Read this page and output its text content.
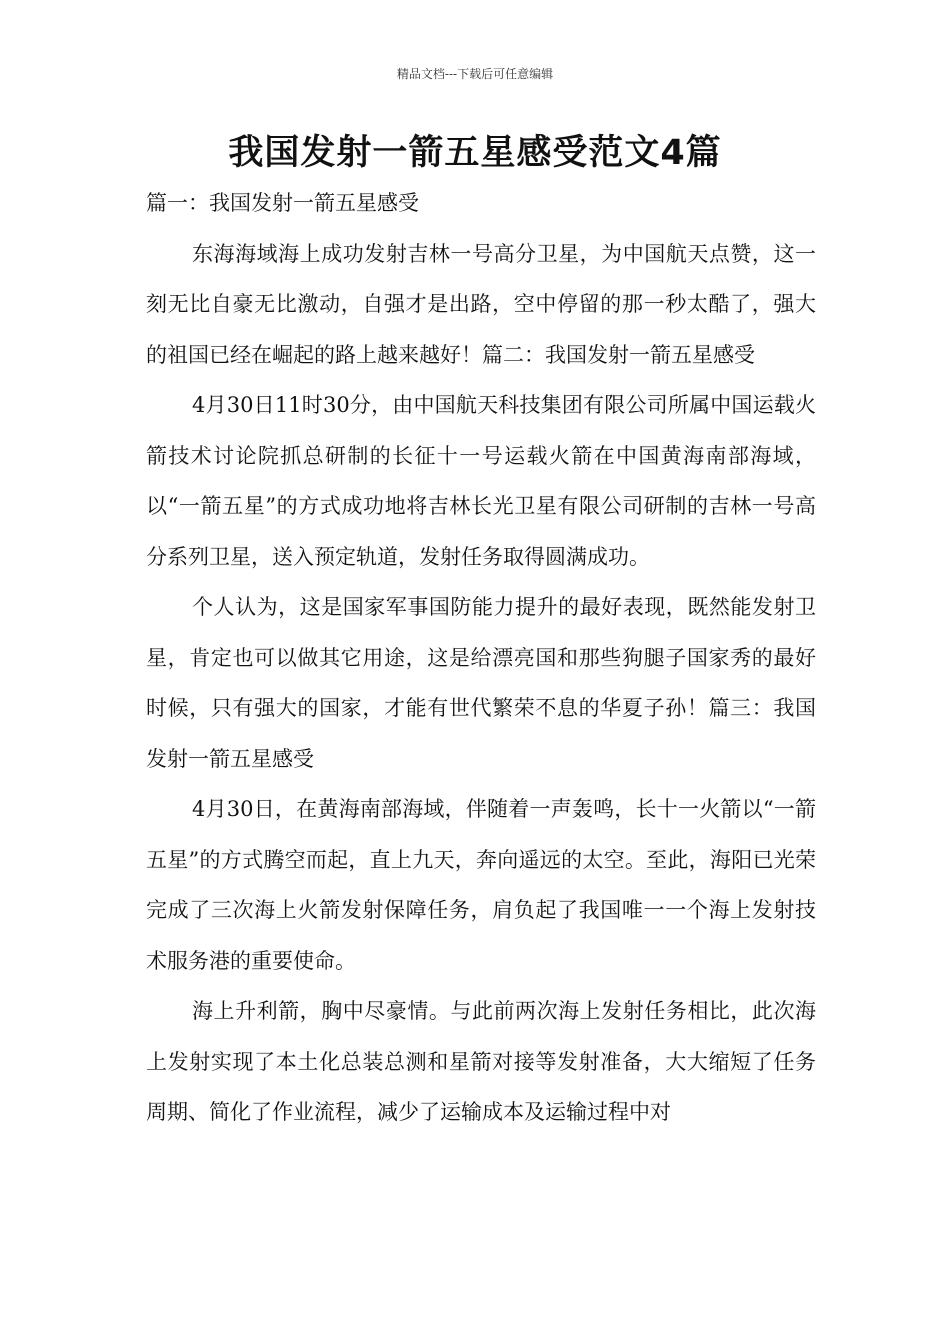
精品文档---下载后可任意编辑
我国发射一箭五星感受范文4篇

篇一：我国发射一箭五星感受

东海海域海上成功发射吉林一号高分卫星，为中国航天点赞，这一刻无比自豪无比激动，自强才是出路，空中停留的那一秒太酷了，强大的祖国已经在崛起的路上越来越好！篇二：我国发射一箭五星感受

4月30日11时30分，由中国航天科技集团有限公司所属中国运载火箭技术讨论院抓总研制的长征十一号运载火箭在中国黄海南部海域，以“一箭五星”的方式成功地将吉林长光卫星有限公司研制的吉林一号高分系列卫星，送入预定轨道，发射任务取得圆满成功。

个人认为，这是国家军事国防能力提升的最好表现，既然能发射卫星，肯定也可以做其它用途，这是给漂亮国和那些狗腿子国家秀的最好时候，只有强大的国家，才能有世代繁荣不息的华夏子孙！篇三：我国发射一箭五星感受

4月30日，在黄海南部海域，伴随着一声轰鸣，长十一火箭以“一箭五星”的方式腾空而起，直上九天，奔向遥远的太空。至此，海阳已光荣完成了三次海上火箭发射保障任务，肩负起了我国唯一一个海上发射技术服务港的重要使命。

海上升利箭，胸中尽豪情。与此前两次海上发射任务相比，此次海上发射实现了本土化总装总测和星箭对接等发射准备，大大缩短了任务周期、简化了作业流程，减少了运输成本及运输过程中对
